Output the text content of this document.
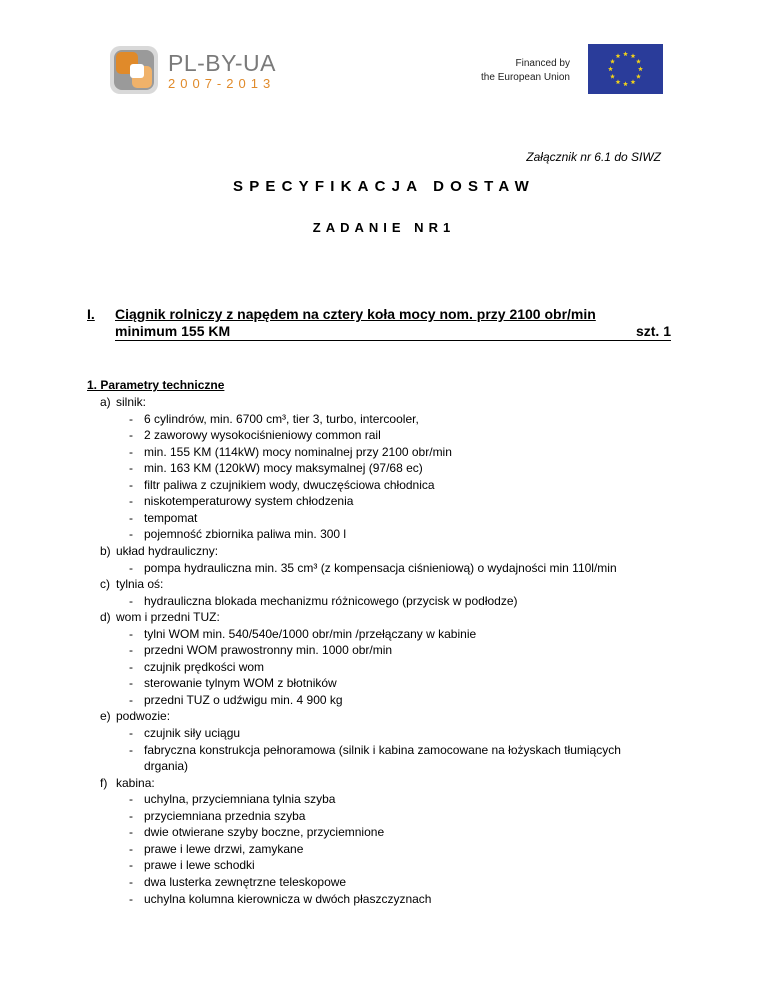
PL-BY-UA
2007-2013
Financed by
the European Union
Załącznik nr 6.1 do SIWZ
SPECYFIKACJA DOSTAW
ZADANIE NR1
I. Ciągnik rolniczy z napędem na cztery koła mocy nom. przy 2100 obr/min
minimum 155 KM	szt. 1
1. Parametry techniczne
a) silnik:
- 6 cylindrów, min. 6700 cm³, tier 3, turbo, intercooler,
- 2 zaworowy wysokociśnieniowy common rail
- min. 155 KM (114kW) mocy nominalnej przy 2100 obr/min
- min. 163 KM (120kW) mocy maksymalnej (97/68 ec)
- filtr paliwa z czujnikiem wody, dwuczęściowa chłodnica
- niskotemperaturowy system chłodzenia
- tempomat
- pojemność zbiornika paliwa min. 300 l
b) układ hydrauliczny:
- pompa hydrauliczna min. 35 cm³ (z kompensacja ciśnieniową) o wydajności min 110l/min
c) tylnia oś:
- hydrauliczna blokada mechanizmu różnicowego (przycisk w podłodze)
d) wom i przedni TUZ:
- tylni WOM min. 540/540e/1000 obr/min /przełączany w kabinie
- przedni WOM prawostronny min. 1000 obr/min
- czujnik prędkości wom
- sterowanie tylnym WOM z błotników
- przedni TUZ o udźwigu min. 4 900 kg
e) podwozie:
- czujnik siły uciągu
- fabryczna konstrukcja pełnoramowa (silnik i kabina zamocowane na łożyskach tłumiących
drgania)
f) kabina:
- uchylna, przyciemniana tylnia szyba
- przyciemniana przednia szyba
- dwie otwierane szyby boczne, przyciemnione
- prawe i lewe drzwi, zamykane
- prawe i lewe schodki
- dwa lusterka zewnętrzne teleskopowe
- uchylna kolumna kierownicza w dwóch płaszczyznach
